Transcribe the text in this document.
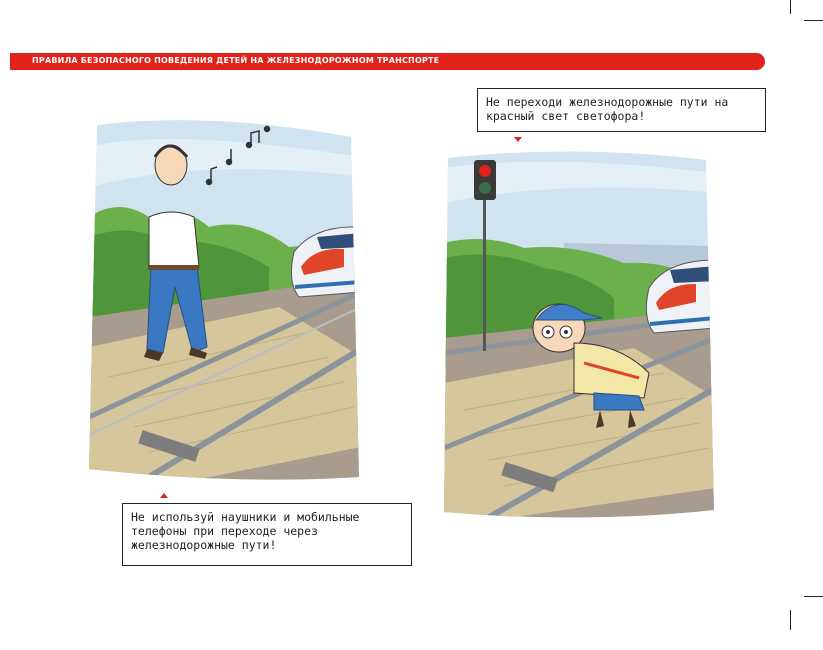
ПРАВИЛА БЕЗОПАСНОГО ПОВЕДЕНИЯ ДЕТЕЙ НА ЖЕЛЕЗНОДОРОЖНОМ ТРАНСПОРТЕ
Не используй наушники и мобильные телефоны при переходе через железнодорожные пути!
Не переходи железнодорожные пути на красный свет светофора!
